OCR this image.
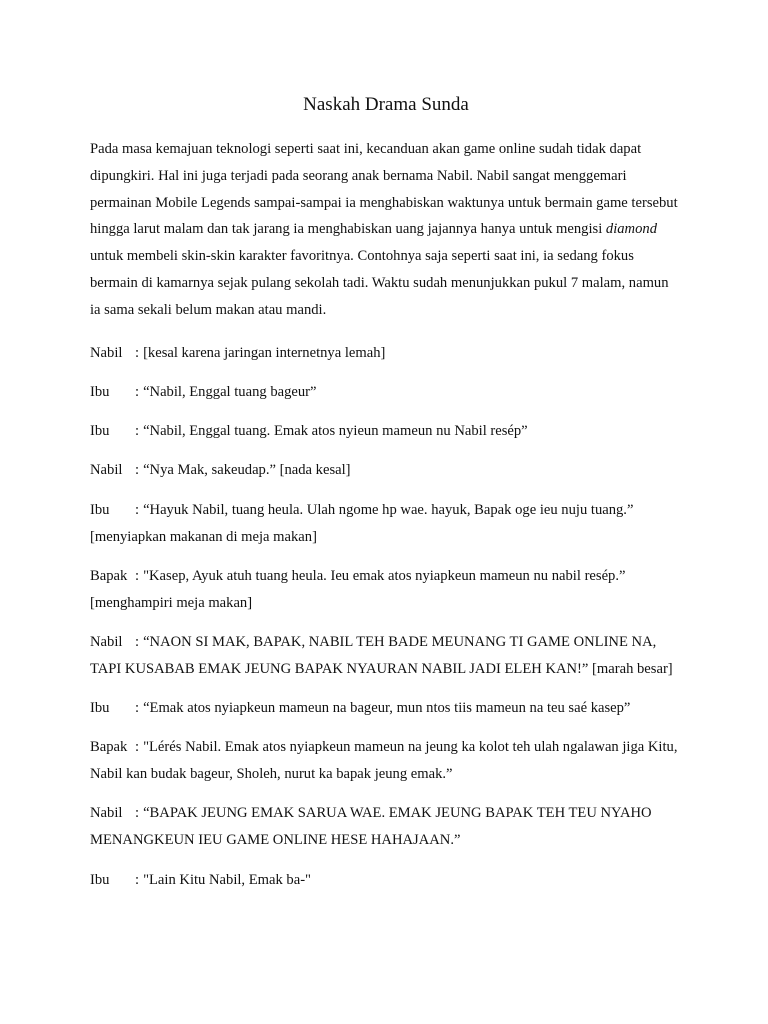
Naskah Drama Sunda

Pada masa kemajuan teknologi seperti saat ini, kecanduan akan game online sudah tidak dapat dipungkiri. Hal ini juga terjadi pada seorang anak bernama Nabil. Nabil sangat menggemari permainan Mobile Legends sampai-sampai ia menghabiskan waktunya untuk bermain game tersebut hingga larut malam dan tak jarang ia menghabiskan uang jajannya hanya untuk mengisi diamond untuk membeli skin-skin karakter favoritnya. Contohnya saja seperti saat ini, ia sedang fokus bermain di kamarnya sejak pulang sekolah tadi. Waktu sudah menunjukkan pukul 7 malam, namun ia sama sekali belum makan atau mandi.

Nabil : [kesal karena jaringan internetnya lemah]

Ibu : “Nabil, Enggal tuang bageur”

Ibu : “Nabil, Enggal tuang. Emak atos nyieun mameun nu Nabil resép”

Nabil : “Nya Mak, sakeudap.” [nada kesal]

Ibu : “Hayuk Nabil, tuang heula. Ulah ngome hp wae. hayuk, Bapak oge ieu nuju tuang.” [menyiapkan makanan di meja makan]

Bapak : "Kasep, Ayuk atuh tuang heula. Ieu emak atos nyiapkeun mameun nu nabil resép.” [menghampiri meja makan]

Nabil : “NAON SI MAK, BAPAK, NABIL TEH BADE MEUNANG TI GAME ONLINE NA, TAPI KUSABAB EMAK JEUNG BAPAK NYAURAN NABIL JADI ELEH KAN!” [marah besar]

Ibu : “Emak atos nyiapkeun mameun na bageur, mun ntos tiis mameun na teu saé kasep”

Bapak : "Lérés Nabil. Emak atos nyiapkeun mameun na jeung ka kolot teh ulah ngalawan jiga Kitu, Nabil kan budak bageur, Sholeh, nurut ka bapak jeung emak.”

Nabil : “BAPAK JEUNG EMAK SARUA WAE. EMAK JEUNG BAPAK TEH TEU NYAHO MENANGKEUN IEU GAME ONLINE HESE HAHAJAAN.”

Ibu : "Lain Kitu Nabil, Emak ba-"
